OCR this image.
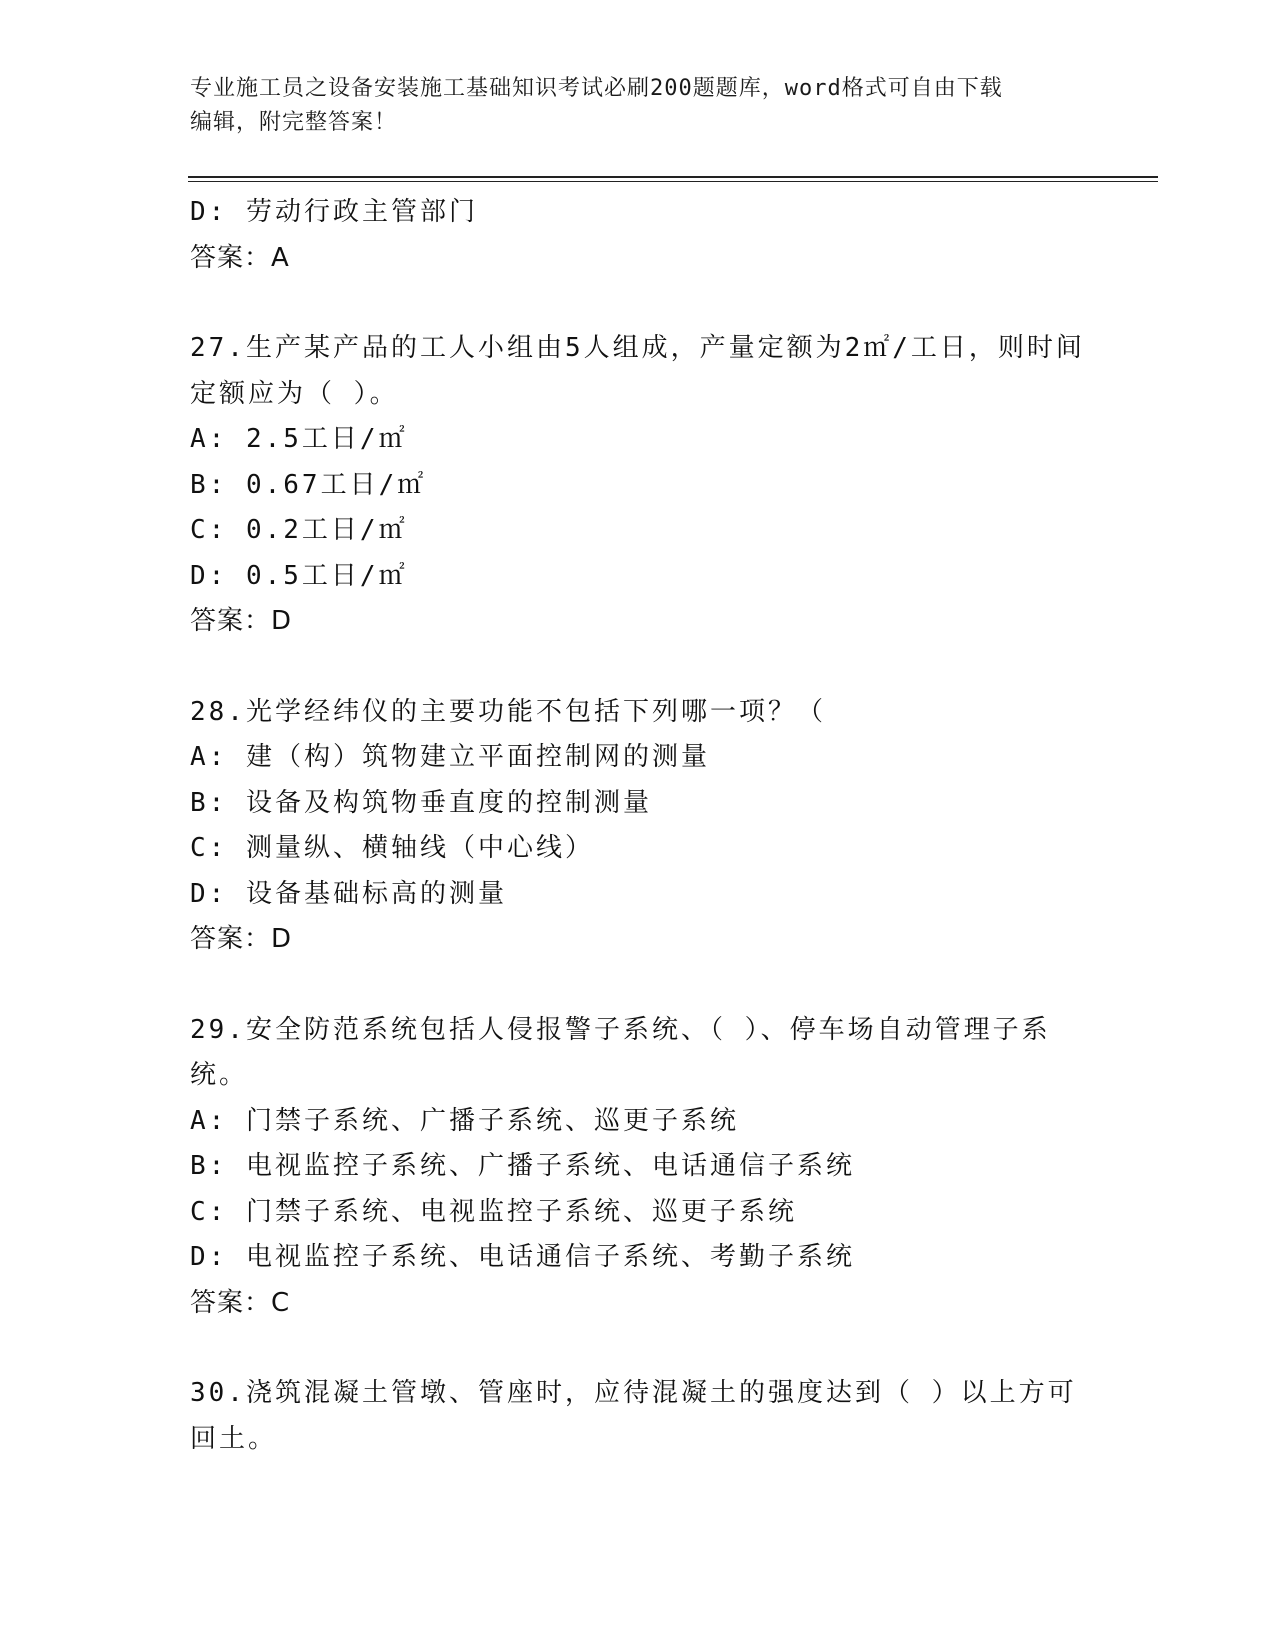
专业施工员之设备安装施工基础知识考试必刷200题题库，word格式可自由下载
编辑，附完整答案！
D: 劳动行政主管部门
答案：A
27.生产某产品的工人小组由5人组成，产量定额为2㎡/工日，则时间
定额应为（ ）。
A: 2.5工日/㎡
B: 0.67工日/㎡
C: 0.2工日/㎡
D: 0.5工日/㎡
答案：D
28.光学经纬仪的主要功能不包括下列哪一项？（
A: 建（构）筑物建立平面控制网的测量
B: 设备及构筑物垂直度的控制测量
C: 测量纵、横轴线（中心线）
D: 设备基础标高的测量
答案：D
29.安全防范系统包括人侵报警子系统、（ ）、停车场自动管理子系
统。
A: 门禁子系统、广播子系统、巡更子系统
B: 电视监控子系统、广播子系统、电话通信子系统
C: 门禁子系统、电视监控子系统、巡更子系统
D: 电视监控子系统、电话通信子系统、考勤子系统
答案：C
30.浇筑混凝土管墩、管座时，应待混凝土的强度达到（ ）以上方可
回土。
